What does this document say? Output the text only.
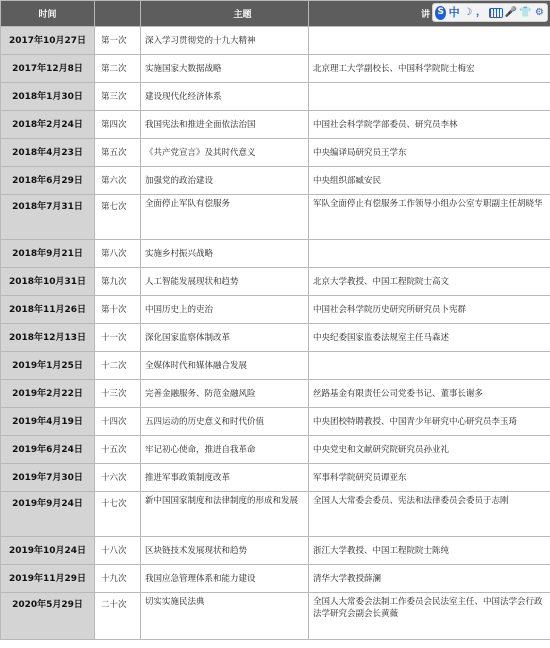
时间		主题	讲
2017年10月27日	第一次	深入学习贯彻党的十九大精神	
2017年12月8日	第二次	实施国家大数据战略	北京理工大学副校长、中国科学院院士梅宏
2018年1月30日	第三次	建设现代化经济体系	
2018年2月24日	第四次	我国宪法和推进全面依法治国	中国社会科学院学部委员、研究员李林
2018年4月23日	第五次	《共产党宣言》及其时代意义	中央编译局研究员王学东
2018年6月29日	第六次	加强党的政治建设	中央组织部臧安民
2018年7月31日	第七次	全面停止军队有偿服务	军队全面停止有偿服务工作领导小组办公室专职副主任胡晓华
2018年9月21日	第八次	实施乡村振兴战略	
2018年10月31日	第九次	人工智能发展现状和趋势	北京大学教授、中国工程院院士高文
2018年11月26日	第十次	中国历史上的吏治	中国社会科学院历史研究所研究员卜宪群
2018年12月13日	十一次	深化国家监察体制改革	中央纪委国家监委法规室主任马森述
2019年1月25日	十二次	全媒体时代和媒体融合发展	
2019年2月22日	十三次	完善金融服务、防范金融风险	丝路基金有限责任公司党委书记、董事长谢多
2019年4月19日	十四次	五四运动的历史意义和时代价值	中央团校特聘教授、中国青少年研究中心研究员李玉琦
2019年6月24日	十五次	牢记初心使命，推进自我革命	中央党史和文献研究院研究员孙业礼
2019年7月30日	十六次	推进军事政策制度改革	军事科学院研究员谭亚东
2019年9月24日	十七次	新中国国家制度和法律制度的形成和发展	全国人大常委会委员、宪法和法律委员会委员于志刚
2019年10月24日	十八次	区块链技术发展现状和趋势	浙江大学教授、中国工程院院士陈纯
2019年11月29日	十九次	我国应急管理体系和能力建设	清华大学教授薛澜
2020年5月29日	二十次	切实实施民法典	全国人大常委会法制工作委员会民法室主任、中国法学会行政法学研究会副会长黄薇
S 中 ☽ ， 🎤 👕 ⚙
